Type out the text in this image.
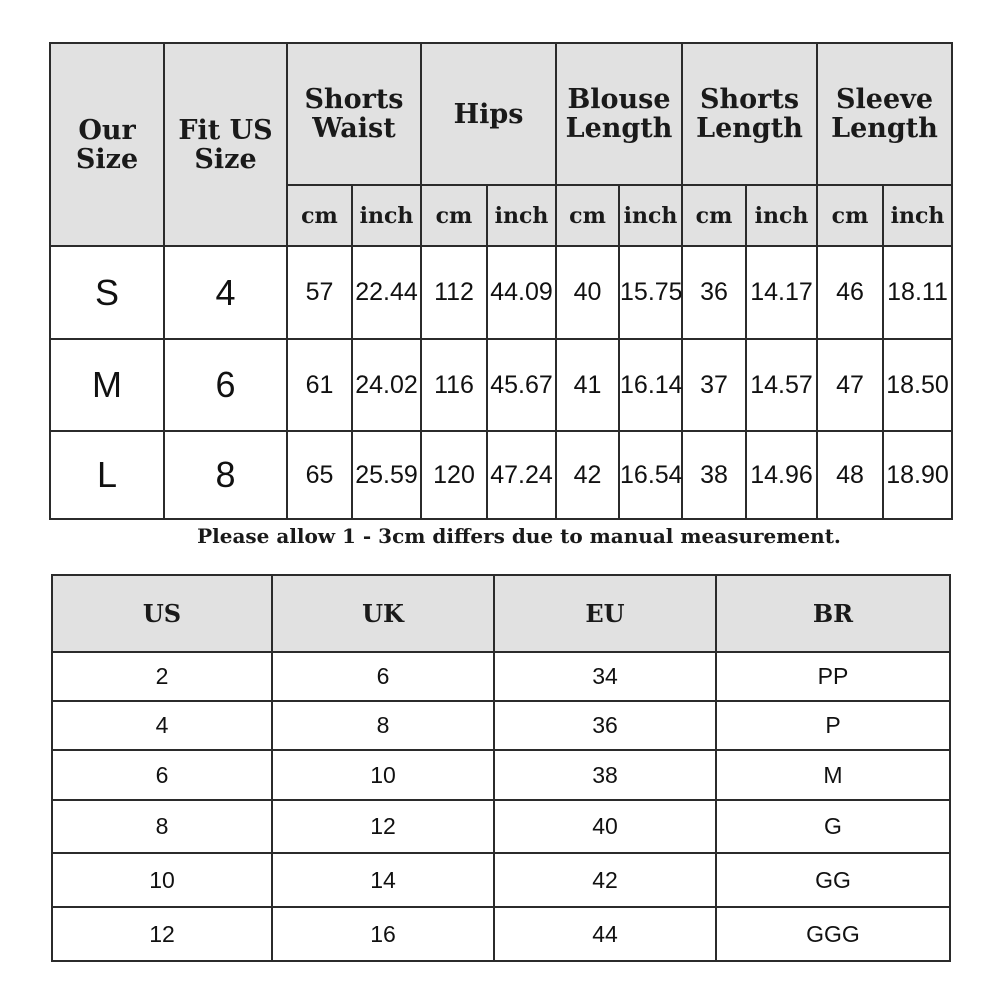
Our Size	Fit US Size	Shorts Waist		Hips		Blouse Length		Shorts Length		Sleeve Length	
		cm	inch	cm	inch	cm	inch	cm	inch	cm	inch
S	4	57	22.44	112	44.09	40	15.75	36	14.17	46	18.11
M	6	61	24.02	116	45.67	41	16.14	37	14.57	47	18.50
L	8	65	25.59	120	47.24	42	16.54	38	14.96	48	18.90
Please allow 1 - 3cm differs due to manual measurement.
US	UK	EU	BR
2	6	34	PP
4	8	36	P
6	10	38	M
8	12	40	G
10	14	42	GG
12	16	44	GGG
